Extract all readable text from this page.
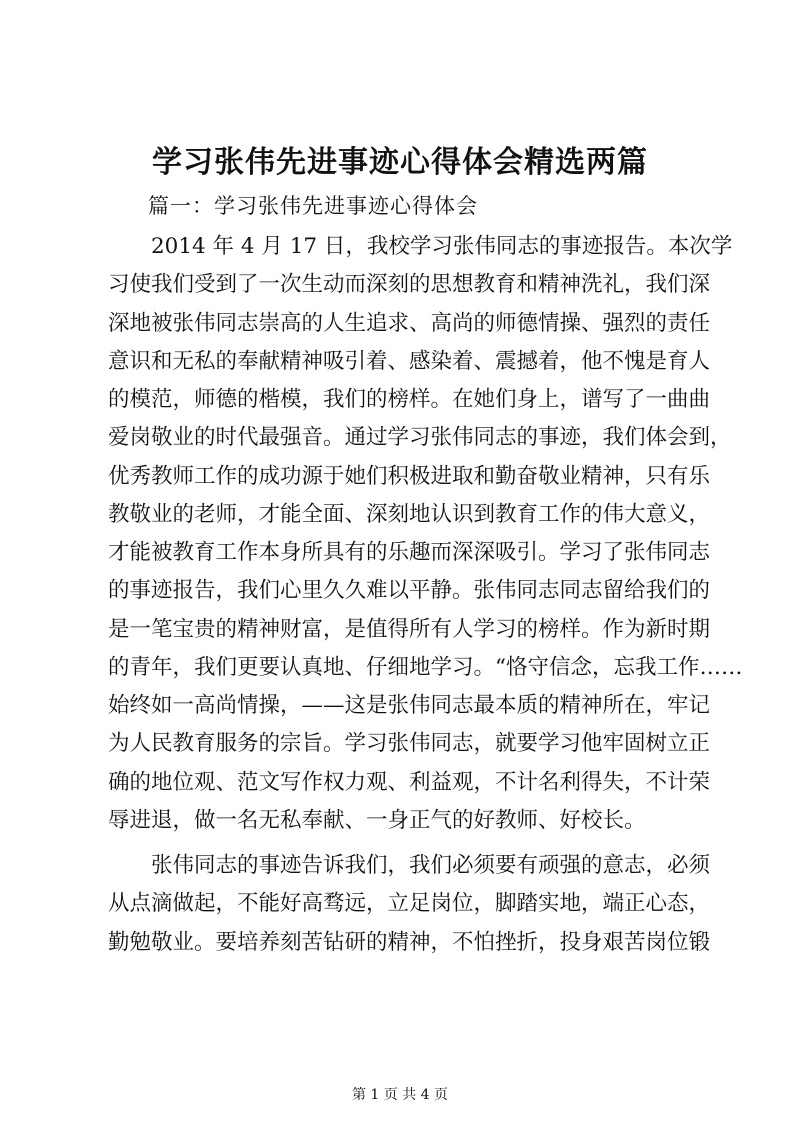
学习张伟先进事迹心得体会精选两篇

篇一：学习张伟先进事迹心得体会

2014 年 4 月 17 日，我校学习张伟同志的事迹报告。本次学

习使我们受到了一次生动而深刻的思想教育和精神洗礼，我们深

深地被张伟同志崇高的人生追求、高尚的师德情操、强烈的责任

意识和无私的奉献精神吸引着、感染着、震撼着，他不愧是育人

的模范，师德的楷模，我们的榜样。在她们身上，谱写了一曲曲

爱岗敬业的时代最强音。通过学习张伟同志的事迹，我们体会到，

优秀教师工作的成功源于她们积极进取和勤奋敬业精神，只有乐

教敬业的老师，才能全面、深刻地认识到教育工作的伟大意义，

才能被教育工作本身所具有的乐趣而深深吸引。学习了张伟同志

的事迹报告，我们心里久久难以平静。张伟同志同志留给我们的

是一笔宝贵的精神财富，是值得所有人学习的榜样。作为新时期

的青年，我们更要认真地、仔细地学习。“恪守信念，忘我工作……

始终如一高尚情操，——这是张伟同志最本质的精神所在，牢记

为人民教育服务的宗旨。学习张伟同志，就要学习他牢固树立正

确的地位观、范文写作权力观、利益观，不计名利得失，不计荣

辱进退，做一名无私奉献、一身正气的好教师、好校长。

张伟同志的事迹告诉我们，我们必须要有顽强的意志，必须

从点滴做起，不能好高骛远，立足岗位，脚踏实地，端正心态，

勤勉敬业。要培养刻苦钻研的精神，不怕挫折，投身艰苦岗位锻

第 1 页 共 4 页
